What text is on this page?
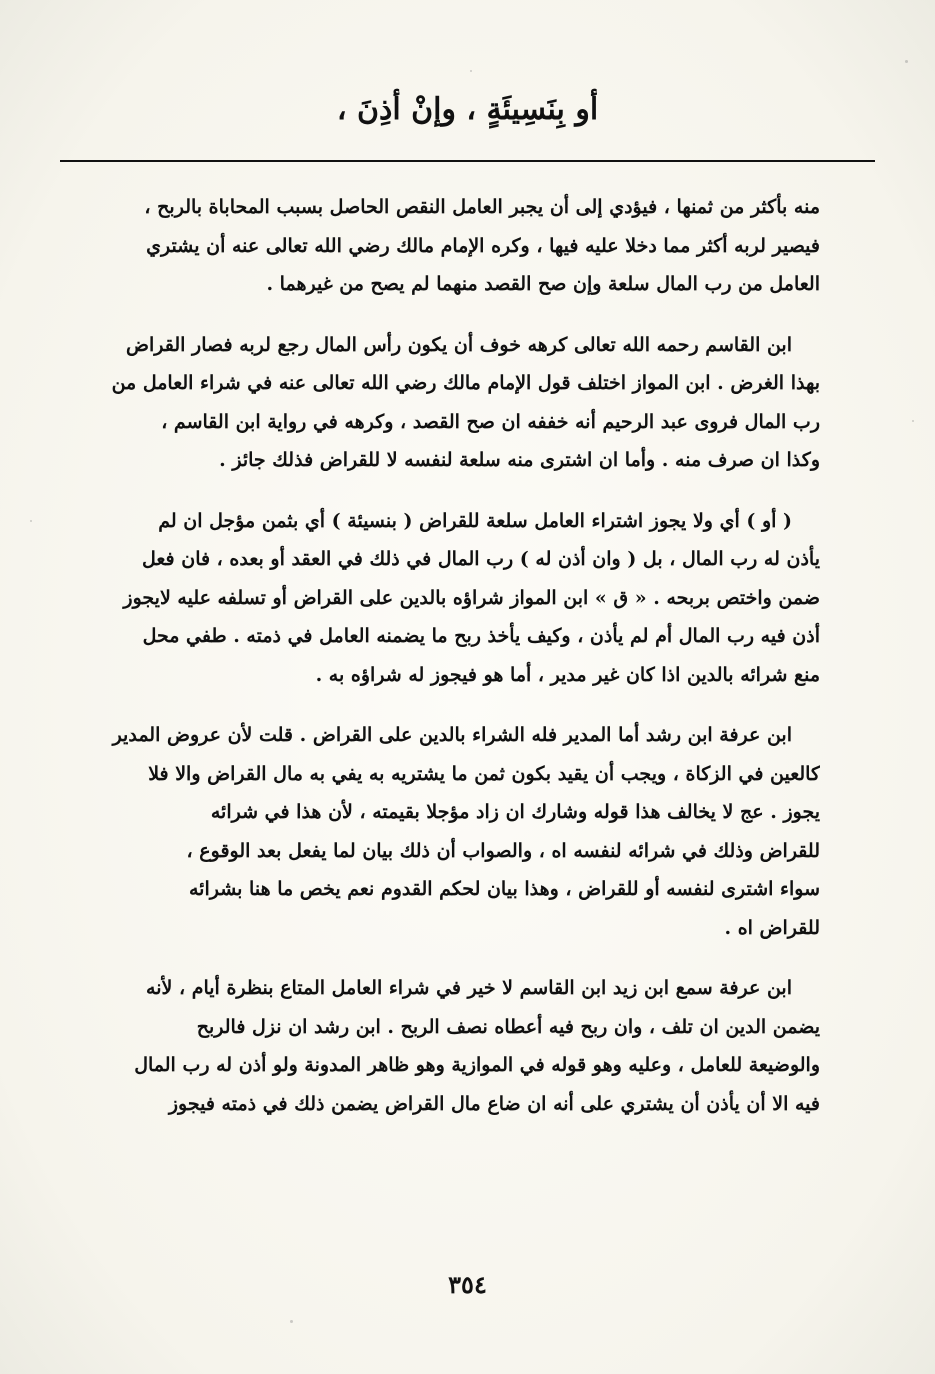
أو بِنَسِيئَةٍ ، وإنْ أذِنَ ،
منه بأكثر من ثمنها ، فيؤدي إلى أن يجبر العامل النقص الحاصل بسبب المحاباة بالربح ،
فيصير لربه أكثر مما دخلا عليه فيها ، وكره الإمام مالك رضي الله تعالى عنه أن يشتري
العامل من رب المال سلعة وإن صح القصد منهما لم يصح من غيرهما .
ابن القاسم رحمه الله تعالى كرهه خوف أن يكون رأس المال رجع لربه فصار القراض
بهذا الغرض . ابن المواز اختلف قول الإمام مالك رضي الله تعالى عنه في شراء العامل من
رب المال فروى عبد الرحيم أنه خففه ان صح القصد ، وكرهه في رواية ابن القاسم ،
وكذا ان صرف منه . وأما ان اشترى منه سلعة لنفسه لا للقراض فذلك جائز .
( أو ) أي ولا يجوز اشتراء العامل سلعة للقراض ( بنسيئة ) أي بثمن مؤجل ان لم
يأذن له رب المال ، بل ( وان أذن له ) رب المال في ذلك في العقد أو بعده ، فان فعل
ضمن واختص بربحه . « ق » ابن المواز شراؤه بالدين على القراض أو تسلفه عليه لايجوز
أذن فيه رب المال أم لم يأذن ، وكيف يأخذ ربح ما يضمنه العامل في ذمته . طفي محل
منع شرائه بالدين اذا كان غير مدير ، أما هو فيجوز له شراؤه به .
ابن عرفة ابن رشد أما المدير فله الشراء بالدين على القراض . قلت لأن عروض المدير
كالعين في الزكاة ، ويجب أن يقيد بكون ثمن ما يشتريه به يفي به مال القراض والا فلا
يجوز . عج لا يخالف هذا قوله وشارك ان زاد مؤجلا بقيمته ، لأن هذا في شرائه
للقراض وذلك في شرائه لنفسه اه ، والصواب أن ذلك بيان لما يفعل بعد الوقوع ،
سواء اشترى لنفسه أو للقراض ، وهذا بيان لحكم القدوم نعم يخص ما هنا بشرائه
للقراض اه .
ابن عرفة سمع ابن زيد ابن القاسم لا خير في شراء العامل المتاع بنظرة أيام ، لأنه
يضمن الدين ان تلف ، وان ربح فيه أعطاه نصف الربح . ابن رشد ان نزل فالربح
والوضيعة للعامل ، وعليه وهو قوله في الموازية وهو ظاهر المدونة ولو أذن له رب المال
فيه الا أن يأذن أن يشتري على أنه ان ضاع مال القراض يضمن ذلك في ذمته فيجوز
٣٥٤
